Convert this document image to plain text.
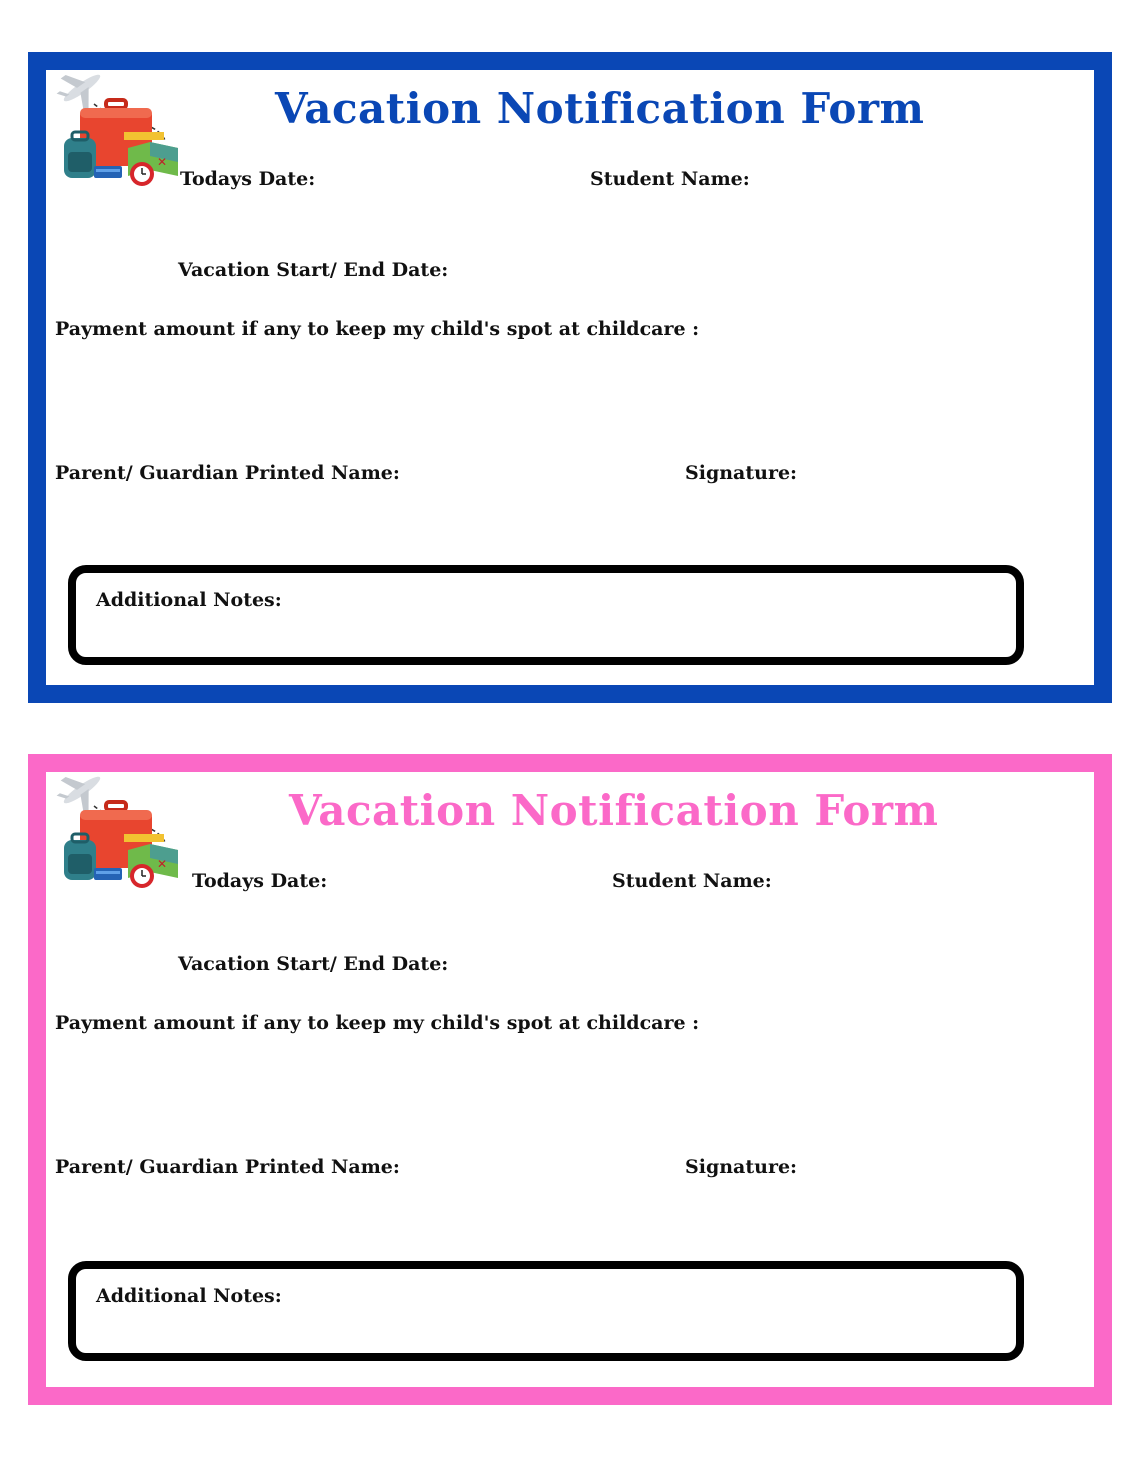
✕
Vacation Notification Form

Todays Date:	Student Name:

Vacation Start/ End Date:

Payment amount if any to keep my child's spot at childcare :

Parent/ Guardian Printed Name:	Signature:

Additional Notes:

✕
Vacation Notification Form

Todays Date:	Student Name:

Vacation Start/ End Date:

Payment amount if any to keep my child's spot at childcare :

Parent/ Guardian Printed Name:	Signature:

Additional Notes:
